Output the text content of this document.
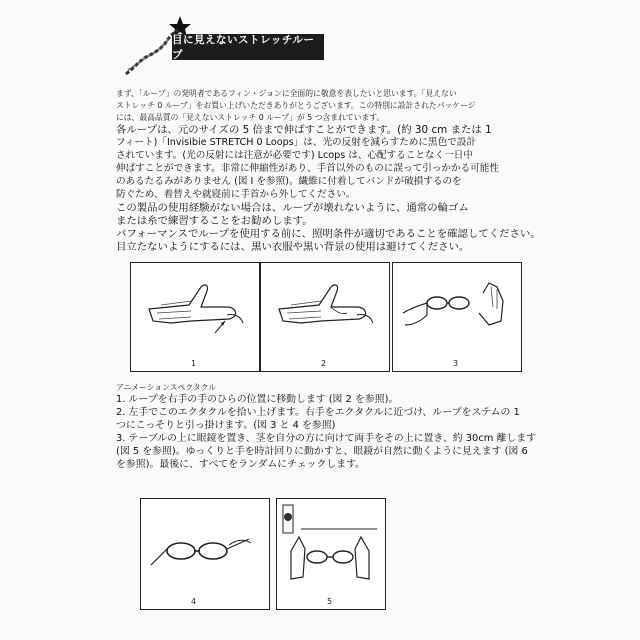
目に見えないストレッチループ
まず、「ループ」の発明者であるフィン・ジョンに全面的に敬意を表したいと思います。「見えない
ストレッチ 0 ループ」をお買い上げいただきありがとうございます。この特別に設計されたパッケージ
には、最高品質の「見えないストレッチ 0 ループ」が 5 つ含まれています。
各ループは、元のサイズの 5 倍まで伸ばすことができます。(約 30 cm または 1
フィート)「Invisibie STRETCH 0 Loops」は、光の反射を減らすために黒色で設計
されています。(光の反射には注意が必要です) Lcops は、心配することなく一日中
伸ばすことができます。非常に伸縮性があり、手首以外のものに誤って引っかかる可能性
のあるたるみがありません (図 I を参照)。繊維に付着してバンドが破損するのを
防ぐため、着替えや就寝前に手首から外してください。
この製品の使用経験がない場合は、ループが壊れないように、通常の輪ゴム
または糸で練習することをお勧めします。
パフォーマンスでループを使用する前に、照明条件が適切であることを確認してください。
目立たないようにするには、黒い衣服や黒い背景の使用は避けてください。
1	2	3
アニメーションスペクタクル
1. ループを右手の手のひらの位置に移動します (図 2 を参照)。
2. 左手でこのエクタクルを拾い上げます。右手をエクタクルに近づけ、ループをステムの 1
つにこっそりと引っ掛けます。(図 3 と 4 を参照)
3. テーブルの上に眼鏡を置き、茎を自分の方に向けて両手をその上に置き、約 30cm 離します
(図 5 を参照)。ゆっくりと手を時計回りに動かすと、眼鏡が自然に動くように見えます (図 6
を参照)。最後に、すべてをランダムにチェックします。
4	5
